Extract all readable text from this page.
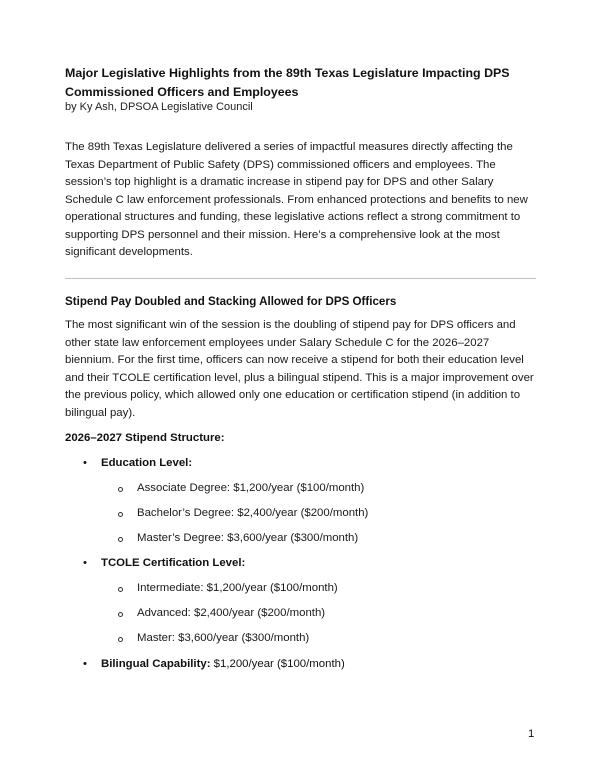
Major Legislative Highlights from the 89th Texas Legislature Impacting DPS Commissioned Officers and Employees
by Ky Ash, DPSOA Legislative Council
The 89th Texas Legislature delivered a series of impactful measures directly affecting the Texas Department of Public Safety (DPS) commissioned officers and employees. The session’s top highlight is a dramatic increase in stipend pay for DPS and other Salary Schedule C law enforcement professionals. From enhanced protections and benefits to new operational structures and funding, these legislative actions reflect a strong commitment to supporting DPS personnel and their mission. Here’s a comprehensive look at the most significant developments.
Stipend Pay Doubled and Stacking Allowed for DPS Officers
The most significant win of the session is the doubling of stipend pay for DPS officers and other state law enforcement employees under Salary Schedule C for the 2026–2027 biennium. For the first time, officers can now receive a stipend for both their education level and their TCOLE certification level, plus a bilingual stipend. This is a major improvement over the previous policy, which allowed only one education or certification stipend (in addition to bilingual pay).
2026–2027 Stipend Structure:
• Education Level:
Associate Degree: $1,200/year ($100/month)
Bachelor’s Degree: $2,400/year ($200/month)
Master’s Degree: $3,600/year ($300/month)
• TCOLE Certification Level:
Intermediate: $1,200/year ($100/month)
Advanced: $2,400/year ($200/month)
Master: $3,600/year ($300/month)
• Bilingual Capability: $1,200/year ($100/month)
1
